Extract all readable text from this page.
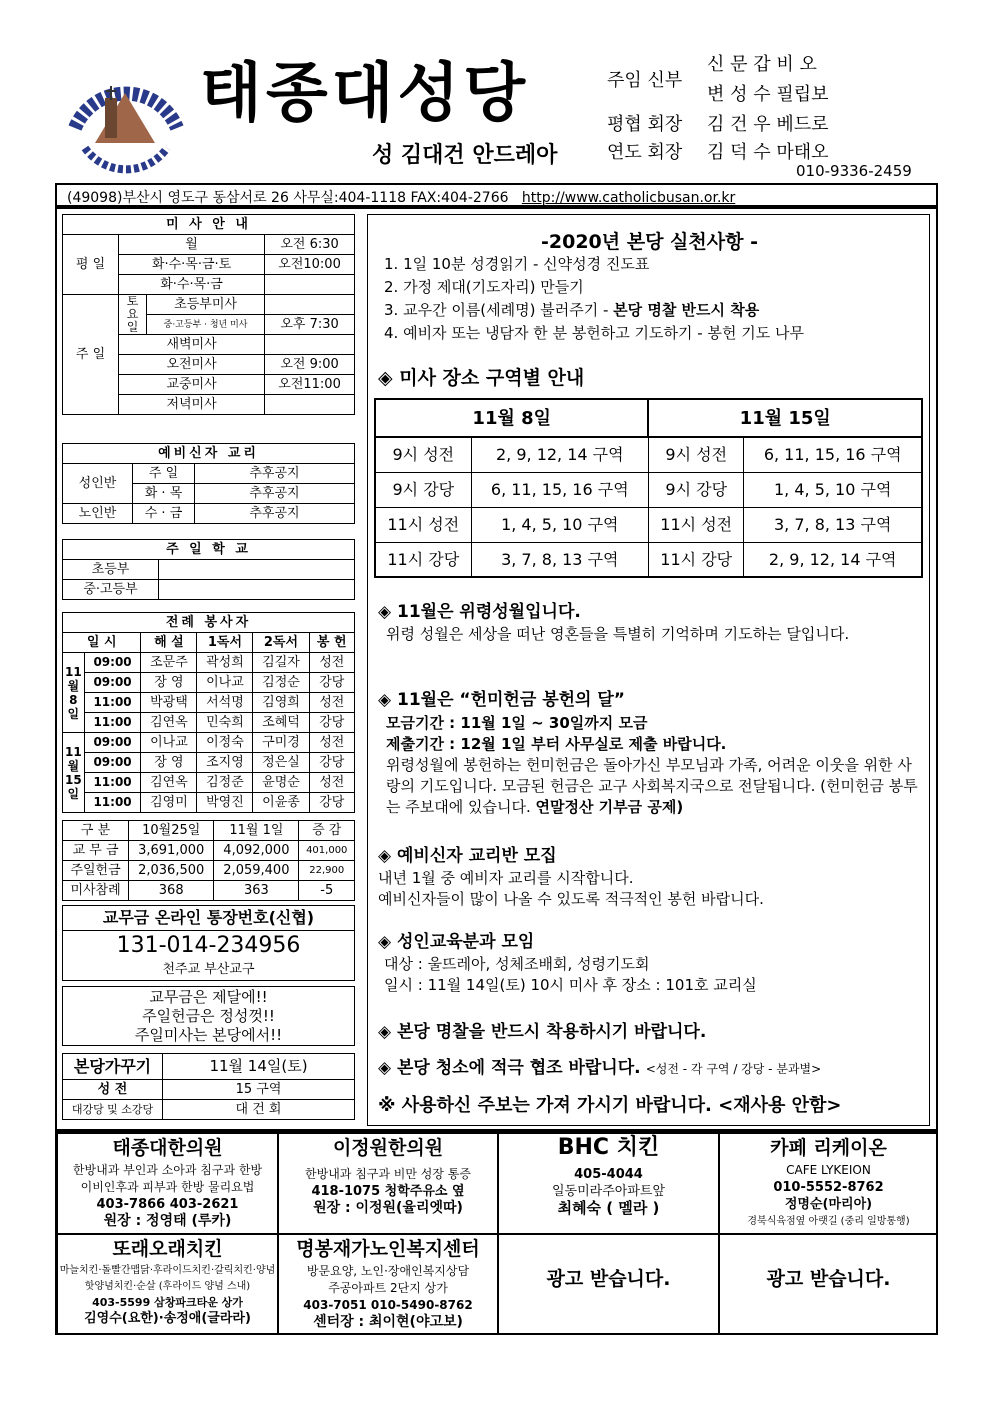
태종대성당
성 김대건 안드레아
주임 신부
신 문 갑 비 오
변 성 수 필립보
평협 회장 김 건 우 베드로
연도 회장 김 덕 수 마태오
010-9336-2459
(49098)부산시 영도구 동삼서로 26 사무실:404-1118 FAX:404-2766 http://www.catholicbusan.or.kr
미 사 안 내			
평 일	월		오전 6:30
	화·수·목·금·토		오전10:00
	화·수·목·금		
주 일	토요일	초등부미사	
		중·고등부 · 청년 미사	오후 7:30
	새벽미사		
	오전미사		오전 9:00
	교중미사		오전11:00
	저녁미사		
예비신자 교리		
성인반	주 일	추후공지
	화 · 목	추후공지
노인반	수 · 금	추후공지
주 일 학 교	
초등부	
중·고등부	
전례 봉사자					
일 시		해 설	1독서	2독서	봉 헌
11월8일	09:00	조문주	곽성희	김길자	성전
	09:00	장 영	이나교	김정순	강당
	11:00	박광택	서석명	김영희	성전
	11:00	김연옥	민숙희	조혜덕	강당
11월15일	09:00	이나교	이정숙	구미경	성전
	09:00	장 영	조지영	정은실	강당
	11:00	김연옥	김정준	윤명순	성전
	11:00	김영미	박영진	이윤종	강당
구 분	10월25일	11월 1일	증 감
교 무 금	3,691,000	4,092,000	401,000
주일헌금	2,036,500	2,059,400	22,900
미사참례	368	363	-5
교무금 온라인 통장번호(신협)
131-014-234956
천주교 부산교구
교무금은 제달에!!
주일헌금은 정성껏!!
주일미사는 본당에서!!
본당가꾸기	11월 14일(토)
성 전	15 구역
대강당 및 소강당	대 건 회
-2020년 본당 실천사항 -
1. 1일 10분 성경읽기 - 신약성경 진도표
2. 가정 제대(기도자리) 만들기
3. 교우간 이름(세례명) 불러주기 - 본당 명찰 반드시 착용
4. 예비자 또는 냉담자 한 분 봉헌하고 기도하기 - 봉헌 기도 나무
◈ 미사 장소 구역별 안내
11월 8일		11월 15일	
9시 성전	2, 9, 12, 14 구역	9시 성전	6, 11, 15, 16 구역
9시 강당	6, 11, 15, 16 구역	9시 강당	1, 4, 5, 10 구역
11시 성전	1, 4, 5, 10 구역	11시 성전	3, 7, 8, 13 구역
11시 강당	3, 7, 8, 13 구역	11시 강당	2, 9, 12, 14 구역
◈ 11월은 위령성월입니다.

위령 성월은 세상을 떠난 영혼들을 특별히 기억하며 기도하는 달입니다.

◈ 11월은 “헌미헌금 봉헌의 달”

모금기간 : 11월 1일 ~ 30일까지 모금

제출기간 : 12월 1일 부터 사무실로 제출 바랍니다.

위령성월에 봉헌하는 헌미헌금은 돌아가신 부모님과 가족, 어려운 이웃을 위한 사랑의 기도입니다. 모금된 헌금은 교구 사회복지국으로 전달됩니다. (헌미헌금 봉투는 주보대에 있습니다. 연말정산 기부금 공제)

◈ 예비신자 교리반 모집

내년 1월 중 예비자 교리를 시작합니다.

예비신자들이 많이 나올 수 있도록 적극적인 봉헌 바랍니다.

◈ 성인교육분과 모임

대상 : 울뜨레아, 성체조배회, 성령기도회

일시 : 11월 14일(토) 10시 미사 후 장소 : 101호 교리실

◈ 본당 명찰을 반드시 착용하시기 바랍니다.
◈ 본당 청소에 적극 협조 바랍니다. <성전 - 각 구역 / 강당 - 분과별>
※ 사용하신 주보는 가져 가시기 바랍니다. <재사용 안함>
태종대한의원
한방내과 부인과 소아과 침구과 한방
이비인후과 피부과 한방 물리요법
403-7866 403-2621
원장 : 정영태 (루카)
이정원한의원
한방내과 침구과 비만 성장 통증
418-1075 청학주유소 옆
원장 : 이정원(율리엣따)
BHC 치킨
405-4044
일동미라주아파트앞
최혜숙 ( 멜라 )
카페 리케이온
CAFE LYKEION
010-5552-8762
정명순(마리아)
경북식육점옆 아랫길 (중리 일방통행)
또래오래치킨
마늘치킨·돌빨간맵닭·후라이드치킨·갈릭치킨·양념
핫양념치킨·순살 (후라이드 양념 스내)
403-5599 삼창파크타운 상가
김영수(요한)·송정애(글라라)
명봉재가노인복지센터
방문요양, 노인·장애인복지상담
주공아파트 2단지 상가
403-7051 010-5490-8762
센터장 : 최이현(야고보)
광고 받습니다.	광고 받습니다.
